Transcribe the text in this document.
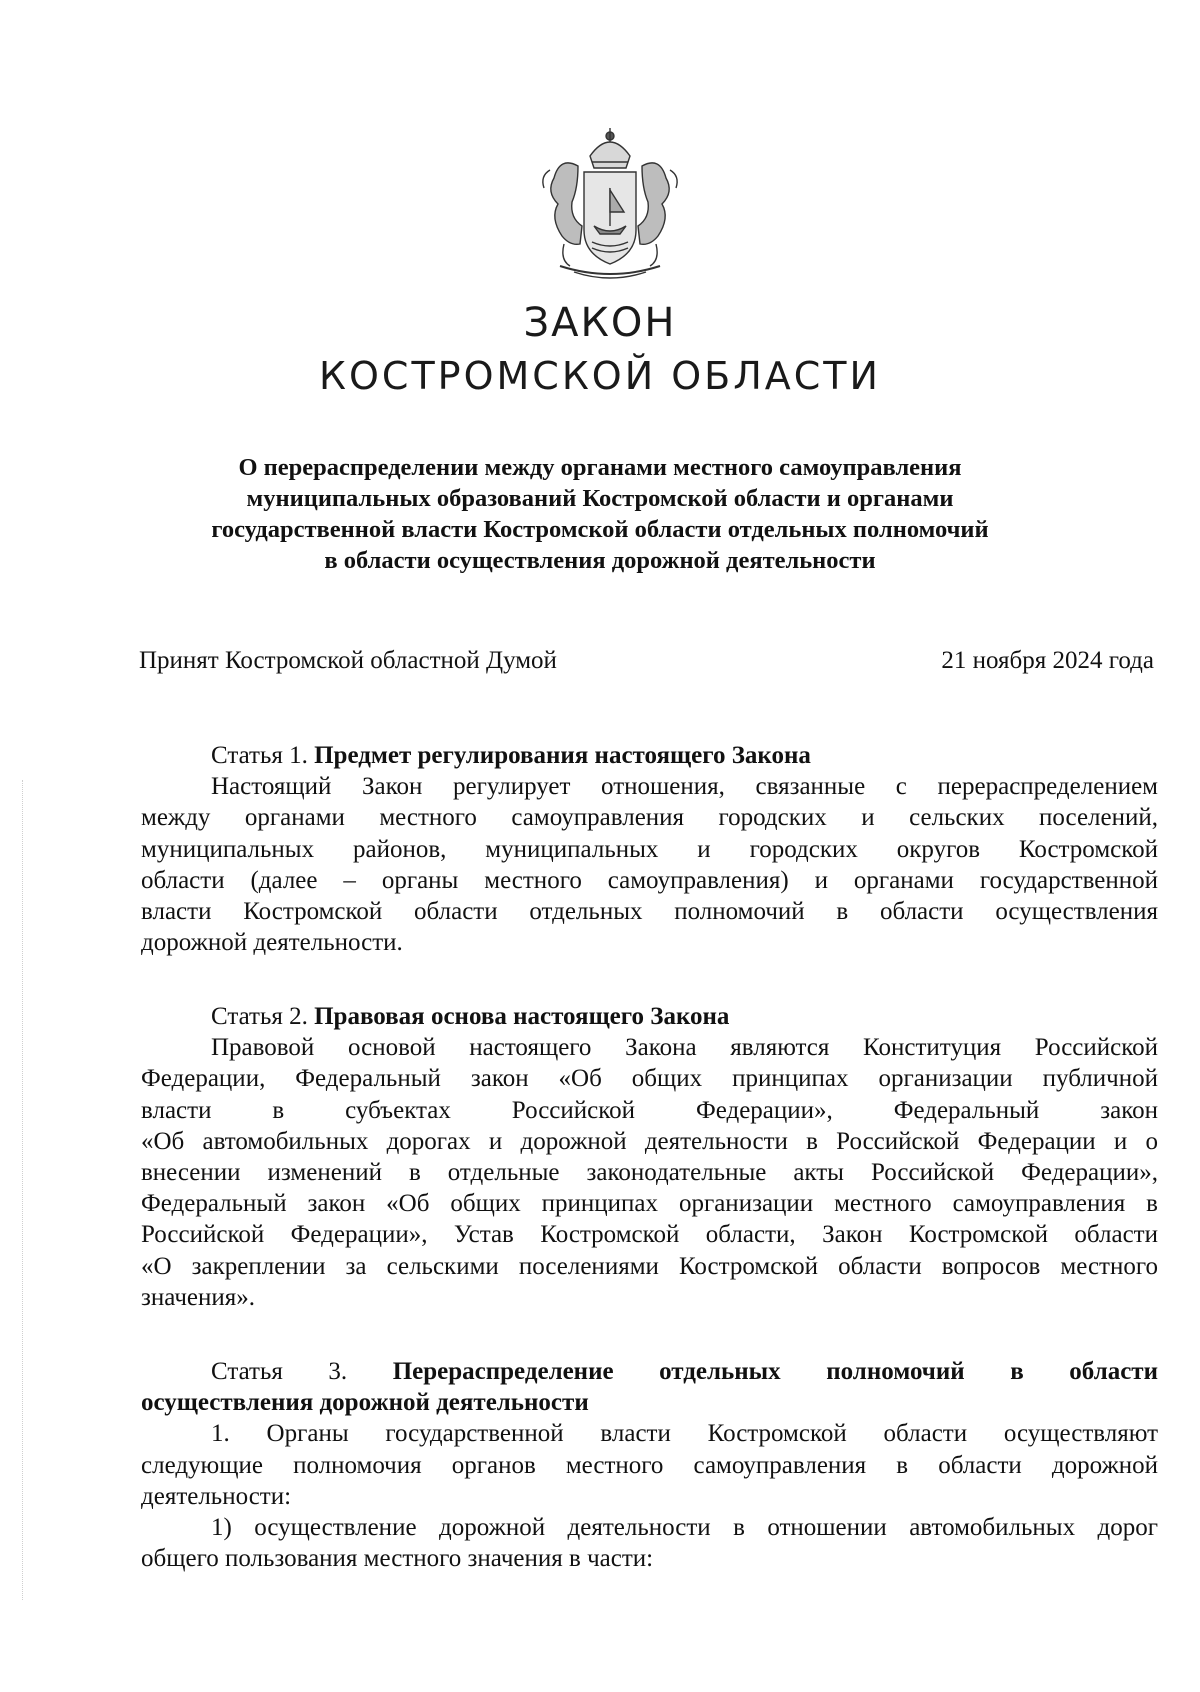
ЗАКОН
КОСТРОМСКОЙ ОБЛАСТИ
О перераспределении между органами местного самоуправления
муниципальных образований Костромской области и органами
государственной власти Костромской области отдельных полномочий
в области осуществления дорожной деятельности
Принят Костромской областной Думой	21 ноября 2024 года
Статья 1. Предмет регулирования настоящего Закона
Настоящий Закон регулирует отношения, связанные с перераспределением
между органами местного самоуправления городских и сельских поселений,
муниципальных районов, муниципальных и городских округов Костромской
области (далее – органы местного самоуправления) и органами государственной
власти Костромской области отдельных полномочий в области осуществления
дорожной деятельности.
Статья 2. Правовая основа настоящего Закона
Правовой основой настоящего Закона являются Конституция Российской
Федерации, Федеральный закон «Об общих принципах организации публичной
власти в субъектах Российской Федерации», Федеральный закон
«Об автомобильных дорогах и дорожной деятельности в Российской Федерации и о
внесении изменений в отдельные законодательные акты Российской Федерации»,
Федеральный закон «Об общих принципах организации местного самоуправления в
Российской Федерации», Устав Костромской области, Закон Костромской области
«О закреплении за сельскими поселениями Костромской области вопросов местного
значения».
Статья 3. Перераспределение отдельных полномочий в области
осуществления дорожной деятельности
1. Органы государственной власти Костромской области осуществляют
следующие полномочия органов местного самоуправления в области дорожной
деятельности:
1) осуществление дорожной деятельности в отношении автомобильных дорог
общего пользования местного значения в части:
